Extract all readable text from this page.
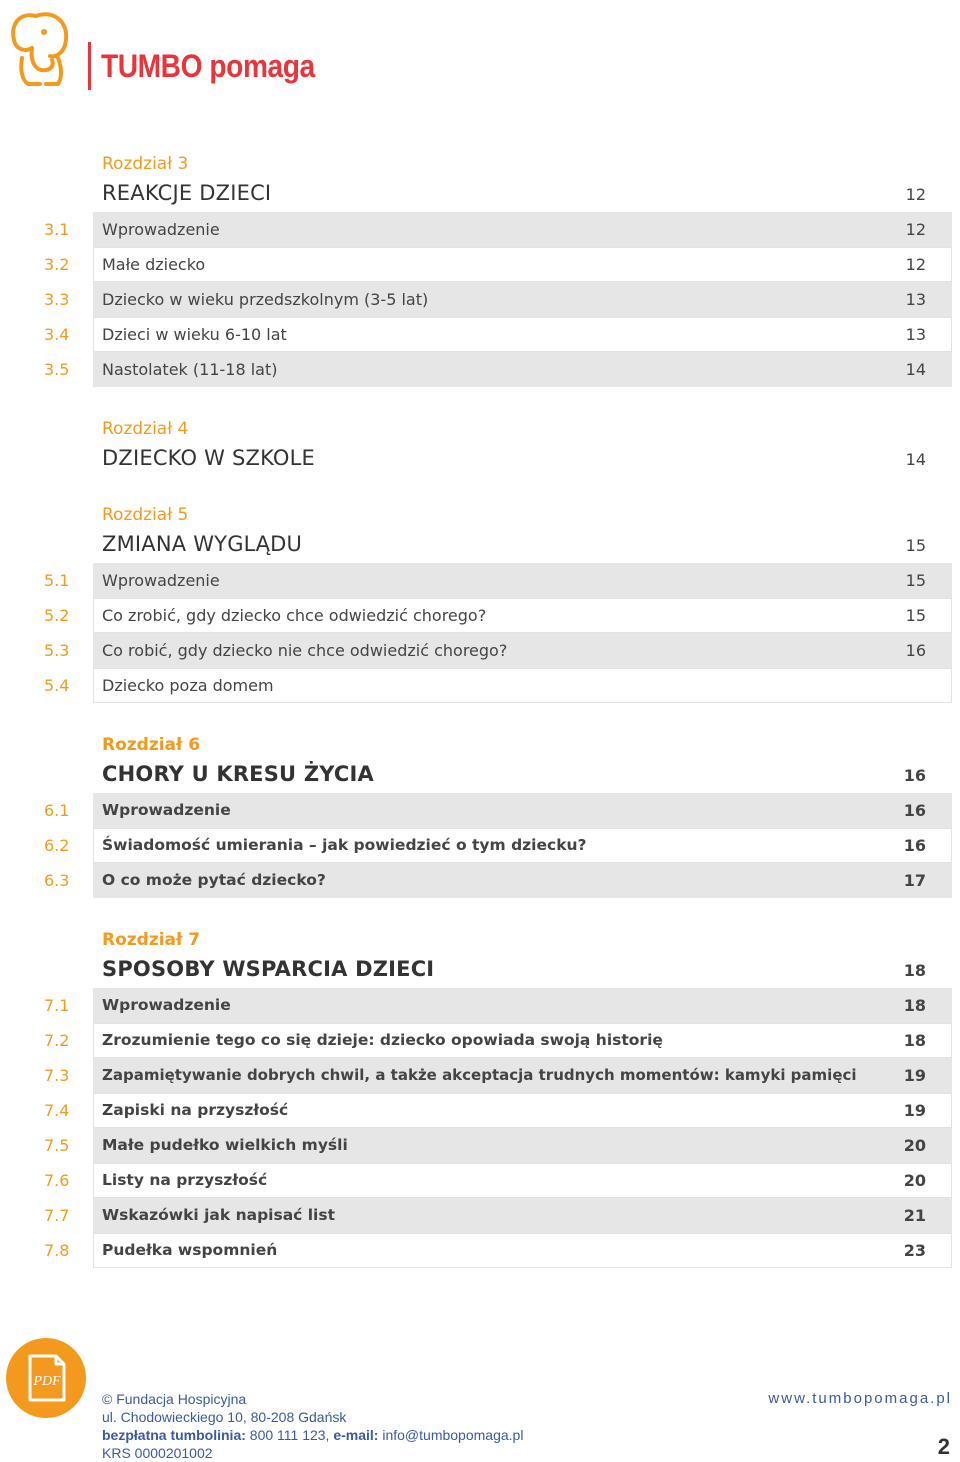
TUMBO pomaga
Rozdział 3
REAKCJE DZIECI	12
3.1 Wprowadzenie	12
3.2 Małe dziecko	12
3.3 Dziecko w wieku przedszkolnym (3-5 lat)	13
3.4 Dzieci w wieku 6-10 lat	13
3.5 Nastolatek (11-18 lat)	14
Rozdział 4
DZIECKO W SZKOLE	14
Rozdział 5
ZMIANA WYGLĄDU	15
5.1 Wprowadzenie	15
5.2 Co zrobić, gdy dziecko chce odwiedzić chorego?	15
5.3 Co robić, gdy dziecko nie chce odwiedzić chorego?	16
5.4 Dziecko poza domem
Rozdział 6
CHORY U KRESU ŻYCIA	16
6.1 Wprowadzenie	16
6.2 Świadomość umierania – jak powiedzieć o tym dziecku?	16
6.3 O co może pytać dziecko?	17
Rozdział 7
SPOSOBY WSPARCIA DZIECI	18
7.1 Wprowadzenie	18
7.2 Zrozumienie tego co się dzieje: dziecko opowiada swoją historię	18
7.3 Zapamiętywanie dobrych chwil, a także akceptacja trudnych momentów: kamyki pamięci	19
7.4 Zapiski na przyszłość	19
7.5 Małe pudełko wielkich myśli	20
7.6 Listy na przyszłość	20
7.7 Wskazówki jak napisać list	21
7.8 Pudełka wspomnień	23
PDF
© Fundacja Hospicyjna
ul. Chodowieckiego 10, 80-208 Gdańsk
bezpłatna tumbolinia: 800 111 123, e-mail: info@tumbopomaga.pl
KRS 0000201002
www.tumbopomaga.pl
2
